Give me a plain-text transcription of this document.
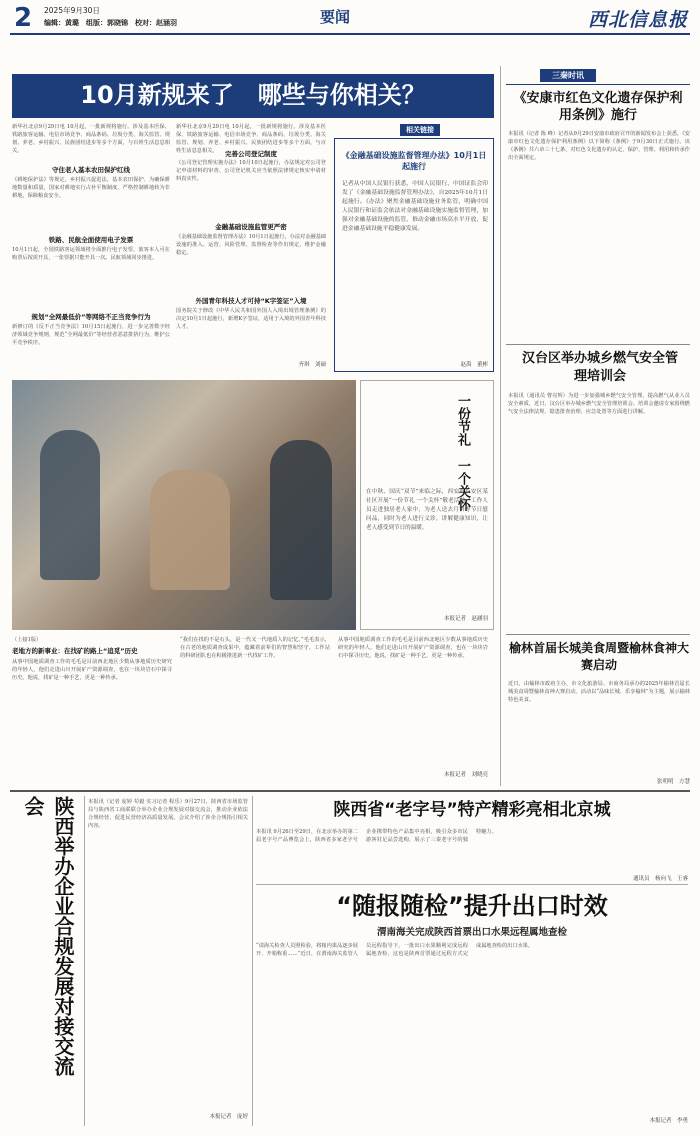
2 2025年9月30日
编辑：黄璐　组版：郭晓锦　校对：赵涵羽	要闻	西北信息报
10月新规来了　哪些与你相关？
新华社北京9月29日电 10月起，一批新规将施行。涉及基本医保、铁路旅客运输、电信市场竞争、商品条码、垃圾分类、海关监管、规划、养老、乡村振兴、民族团结进步等多个方面，与百姓生活息息相关。
守住老人基本农田保护红线
《耕地保护法》等规定，乡村振兴促进法，基本农田保护、为确保耕地数量和质量，国家对耕地实行占补平衡制度，严格控制耕地转为非耕地，保障粮食安全。
铁路、民航全面使用电子发票
10月1日起，全国铁路客运领域将全面推行电子发票，旅客本人可在购票后按需开具，一张票据只能开具一次。民航领域同步推进。
规划“全网最低价”等网络不正当竞争行为
新修订的《反不正当竞争法》10月15日起施行，进一步完善数字经济领域竞争规则，规范“全网最低价”等经营者恶意排挤行为，维护公平竞争秩序。
新华社北京9月29日电 10月起，一批新规将施行。涉及基本医保、铁路旅客运输、电信市场竞争、商品条码、垃圾分类、海关监管、规划、养老、乡村振兴、民族团结进步等多个方面，与百姓生活息息相关。	完善公司登记制度
《公司登记管理实施办法》10月10日起施行，办法规定对公司登记申请材料的审查、公司登记机关应当依照法律规定核实申请材料真实性。
金融基础设施监管更严密
《金融基础设施监督管理办法》10月1日起施行，办法对金融基础设施的准入、运营、风险管理、监督检查等作出规定，维护金融稳定。
外国青年科技人才可持“K字签证”入境
国务院关于修改《中华人民共和国外国人入境出境管理条例》的决定10月1日起施行，新增K字签证，适用于入境的外国青年科技人才。
齐琪　刘硕
相关链接
《金融基础设施监督管理办法》10月1日起施行
记者从中国人民银行获悉，中国人民银行、中国证监会印发了《金融基础设施监督管理办法》，自2025年10月1日起施行。《办法》聚焦金融基础设施业务监管，明确中国人民银行和证监会依法对金融基础设施实施监督管理，加强对金融基础设施的监管，推动金融市场高水平开放，促进金融基础设施平稳健康发展。
赵禹　董彬
一份节礼　一个关怀
在中秋、国庆“双节”来临之际，西安市长安区某社区开展“一份节礼 一个关怀”敬老活动，工作人员走进独居老人家中，为老人送去月饼等节日慰问品，同时为老人进行义诊，讲解健康知识，让老人感受到节日的温暖。
本报记者　赵涵羽
（上接1版）
老地方的新事业：在找矿的路上“追觅”历史
从事中国地质调查工作的毛毛是目前西北地区少数从事地质历史研究的年轻人，他们走进山川开展矿产资源调查，也在一块块岩石中探寻历史。他说，找矿是一种手艺，更是一种传承。
“我们在找的不是石头，是一代又一代地质人的记忆。”毛毛表示，在古老的地质调查成果中，蕴藏着前辈们的智慧和坚守。工作站的科研团队也在积极推进新一代找矿工作。
从事中国地质调查工作的毛毛是目前西北地区少数从事地质历史研究的年轻人，他们走进山川开展矿产资源调查，也在一块块岩石中探寻历史。他说，找矿是一种手艺，更是一种传承。
本报记者　刘晓亮
三秦时讯
《安康市红色文化遗存保护利用条例》施行
本报讯（记者 陈 峰）记者从9月29日安康市政府召开的新闻发布会上获悉，《安康市红色文化遗存保护利用条例》以下简称《条例》于9月30日正式施行。该《条例》共六章三十七条，对红色文化遗存的认定、保护、管理、利用和传承作出全面规定。
汉台区举办城乡燃气安全管理培训会
本报讯（通讯员 曹亮辉）为进一步加强城乡燃气安全管理，提高燃气从业人员安全素质，近日，汉台区举办城乡燃气安全管理培训会。培训会邀请专家围绕燃气安全法律法规、隐患排查治理、应急处置等方面进行讲解。
榆林首届长城美食周暨榆林食神大赛启动
近日，由榆林市政府主办，市文化旅游局、市商务局承办的2025年榆林首届长城美食周暨榆林食神大赛启动。活动以“品味长城、乐享榆林”为主题，展示榆林特色美食。
张明明　方慧
陕西举办企业合规发展对接交流会	本报讯（记者 庞婷 苟毅 实习记者 程乐）9月27日，陕西省市场监管局与陕西省工商联联合举办企业合规发展对接交流会，推动企业依法合规经营，促进民营经济高质量发展。会议介绍了涉企合规指引相关内容。
本报记者　庞婷
陕西省“老字号”特产精彩亮相北京城
本报讯 9月26日至29日，在北京举办的第二届老字号产品博览会上，陕西省多家老字号企业携带特色产品集中亮相，吸引众多市民游客驻足品尝选购，展示了三秦老字号的独特魅力。
通讯员　杨向飞　王睿
“随报随检”提升出口时效
渭南海关完成陕西首票出口水果远程属地查检
“请海关检查人员照检验，将箱内果品逐步展开、开箱称重……”近日，在渭南海关监管人员远程指导下，一批出口水果顺利完成远程属地查检，这也是陕西首票通过远程方式完成属地查检的出口水果。
本报记者　李勇
